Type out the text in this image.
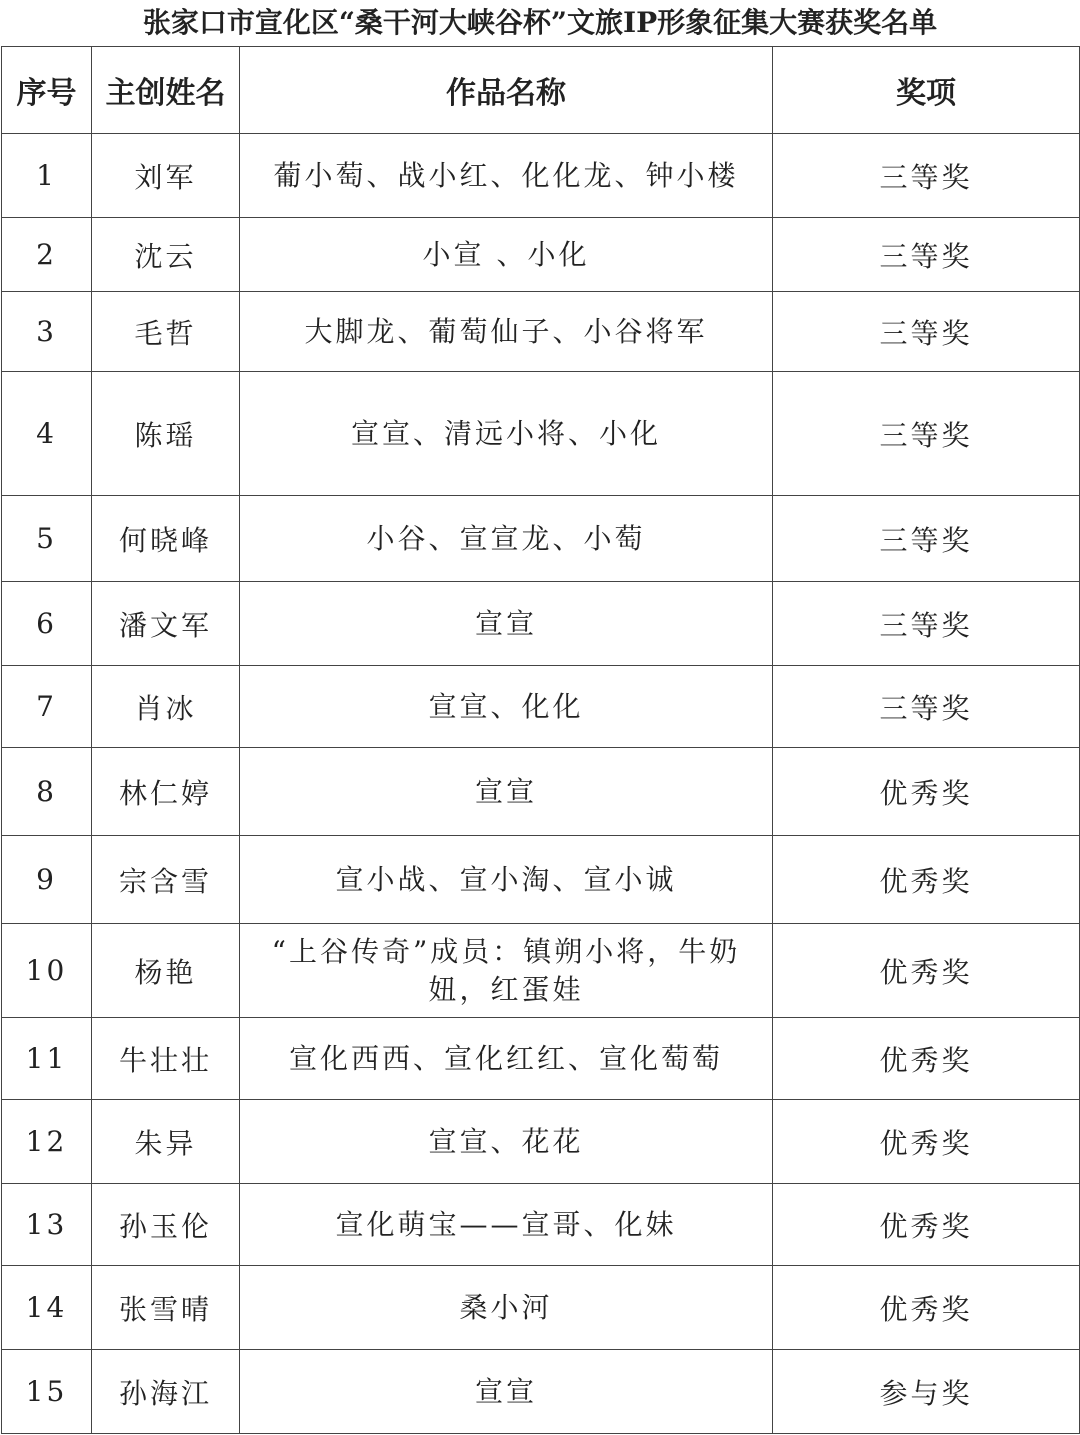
张家口市宣化区“桑干河大峡谷杯”文旅IP形象征集大赛获奖名单
序号	主创姓名	作品名称	奖项
1	刘军	葡小萄、战小红、化化龙、钟小楼	三等奖
2	沈云	小宣 、小化	三等奖
3	毛哲	大脚龙、葡萄仙子、小谷将军	三等奖
4	陈瑶	宣宣、清远小将、小化	三等奖
5	何晓峰	小谷、宣宣龙、小萄	三等奖
6	潘文军	宣宣	三等奖
7	肖冰	宣宣、化化	三等奖
8	林仁婷	宣宣	优秀奖
9	宗含雪	宣小战、宣小淘、宣小诚	优秀奖
10	杨艳	“上谷传奇”成员：镇朔小将，牛奶妞，红蛋娃	优秀奖
11	牛壮壮	宣化西西、宣化红红、宣化萄萄	优秀奖
12	朱异	宣宣、花花	优秀奖
13	孙玉伦	宣化萌宝——宣哥、化妹	优秀奖
14	张雪晴	桑小河	优秀奖
15	孙海江	宣宣	参与奖
